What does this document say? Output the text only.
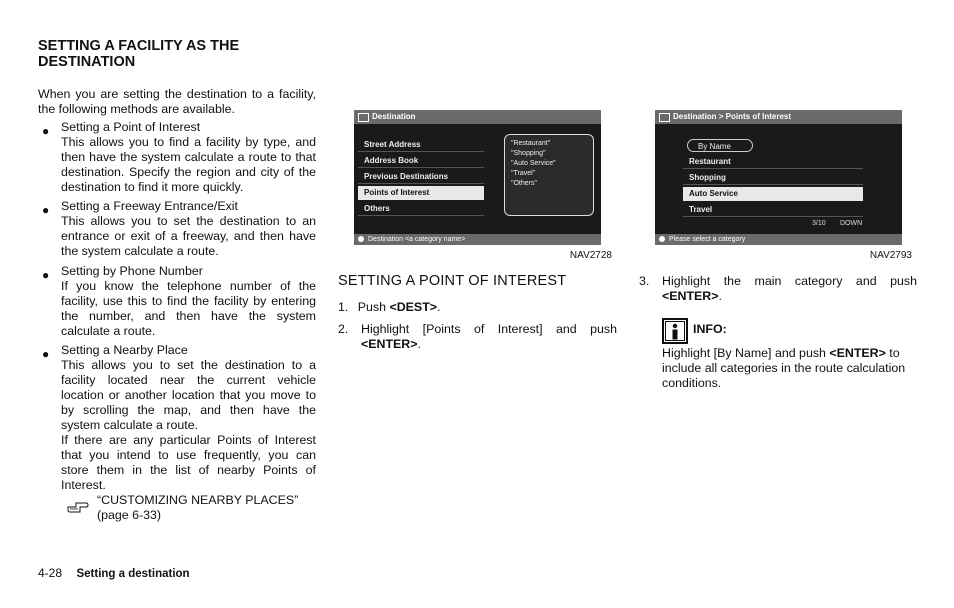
SETTING A FACILITY AS THE DESTINATION
When you are setting the destination to a facility, the following methods are available.
● Setting a Point of Interest
This allows you to find a facility by type, and then have the system calculate a route to that destination. Specify the region and city of the destination to find it more quickly.
● Setting a Freeway Entrance/Exit
This allows you to set the destination to an entrance or exit of a freeway, and then have the system calculate a route.
● Setting by Phone Number
If you know the telephone number of the facility, use this to find the facility by entering the number, and then have the system calculate a route.
● Setting a Nearby Place
This allows you to set the destination to a facility located near the current vehicle location or another location that you move to by scrolling the map, and then have the system calculate a route.
If there are any particular Points of Interest that you intend to use frequently, you can store them in the list of nearby Points of Interest.
“CUSTOMIZING NEARBY PLACES”
(page 6-33)
4-28 Setting a destination
Destination
Street Address
Address Book
Previous Destinations
Points of Interest
Others
"Restaurant"
"Shopping"
"Auto Service"
"Travel"
"Others"
Destination <a category name>
NAV2728
Destination > Points of Interest
By Name
Restaurant
Shopping
Auto Service
Travel
3/10 DOWN
Please select a category
NAV2793
SETTING A POINT OF INTEREST
1. Push <DEST>.
2. Highlight [Points of Interest] and push
<ENTER>.
3. Highlight the main category and push
<ENTER>.
INFO:
Highlight [By Name] and push <ENTER> to include all categories in the route calculation conditions.
